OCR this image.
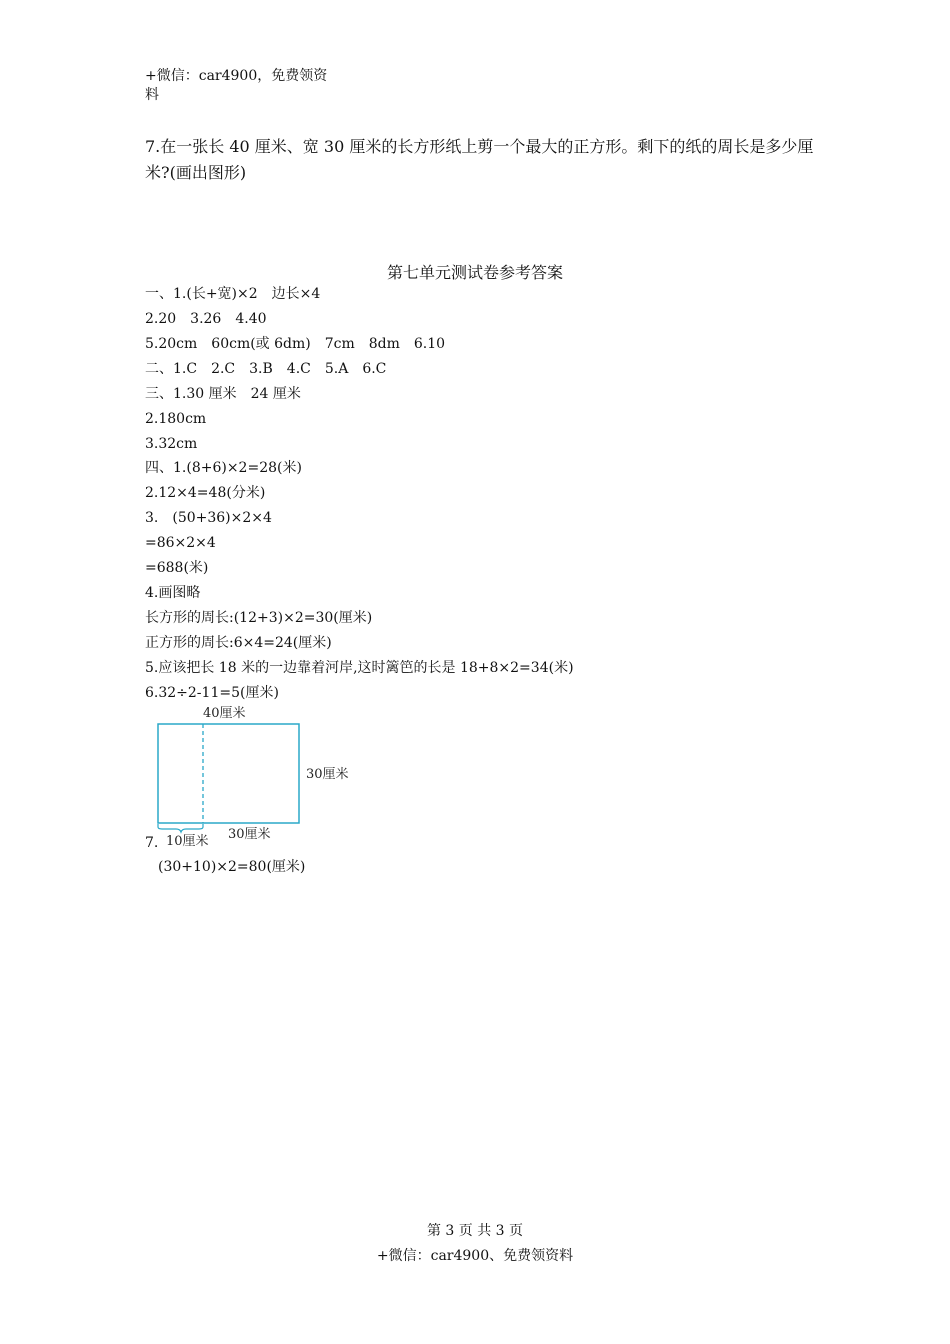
+微信：car4900，免费领资
料
7.在一张长 40 厘米、宽 30 厘米的长方形纸上剪一个最大的正方形。剩下的纸的周长是多少厘米?(画出图形)
第七单元测试卷参考答案
一、1.(长+宽)×2　边长×4
2.20　3.26　4.40
5.20cm　60cm(或 6dm)　7cm　8dm　6.10
二、1.C　2.C　3.B　4.C　5.A　6.C
三、1.30 厘米　24 厘米
2.180cm
3.32cm
四、1.(8+6)×2=28(米)
2.12×4=48(分米)
3.　(50+36)×2×4
=86×2×4
=688(米)
4.画图略
长方形的周长:(12+3)×2=30(厘米)
正方形的周长:6×4=24(厘米)
5.应该把长 18 米的一边靠着河岸,这时篱笆的长是 18+8×2=34(米)
6.32÷2-11=5(厘米)
40厘米
30厘米
30厘米
10厘米
7.
(30+10)×2=80(厘米)
第 3 页 共 3 页
+微信：car4900、免费领资料
